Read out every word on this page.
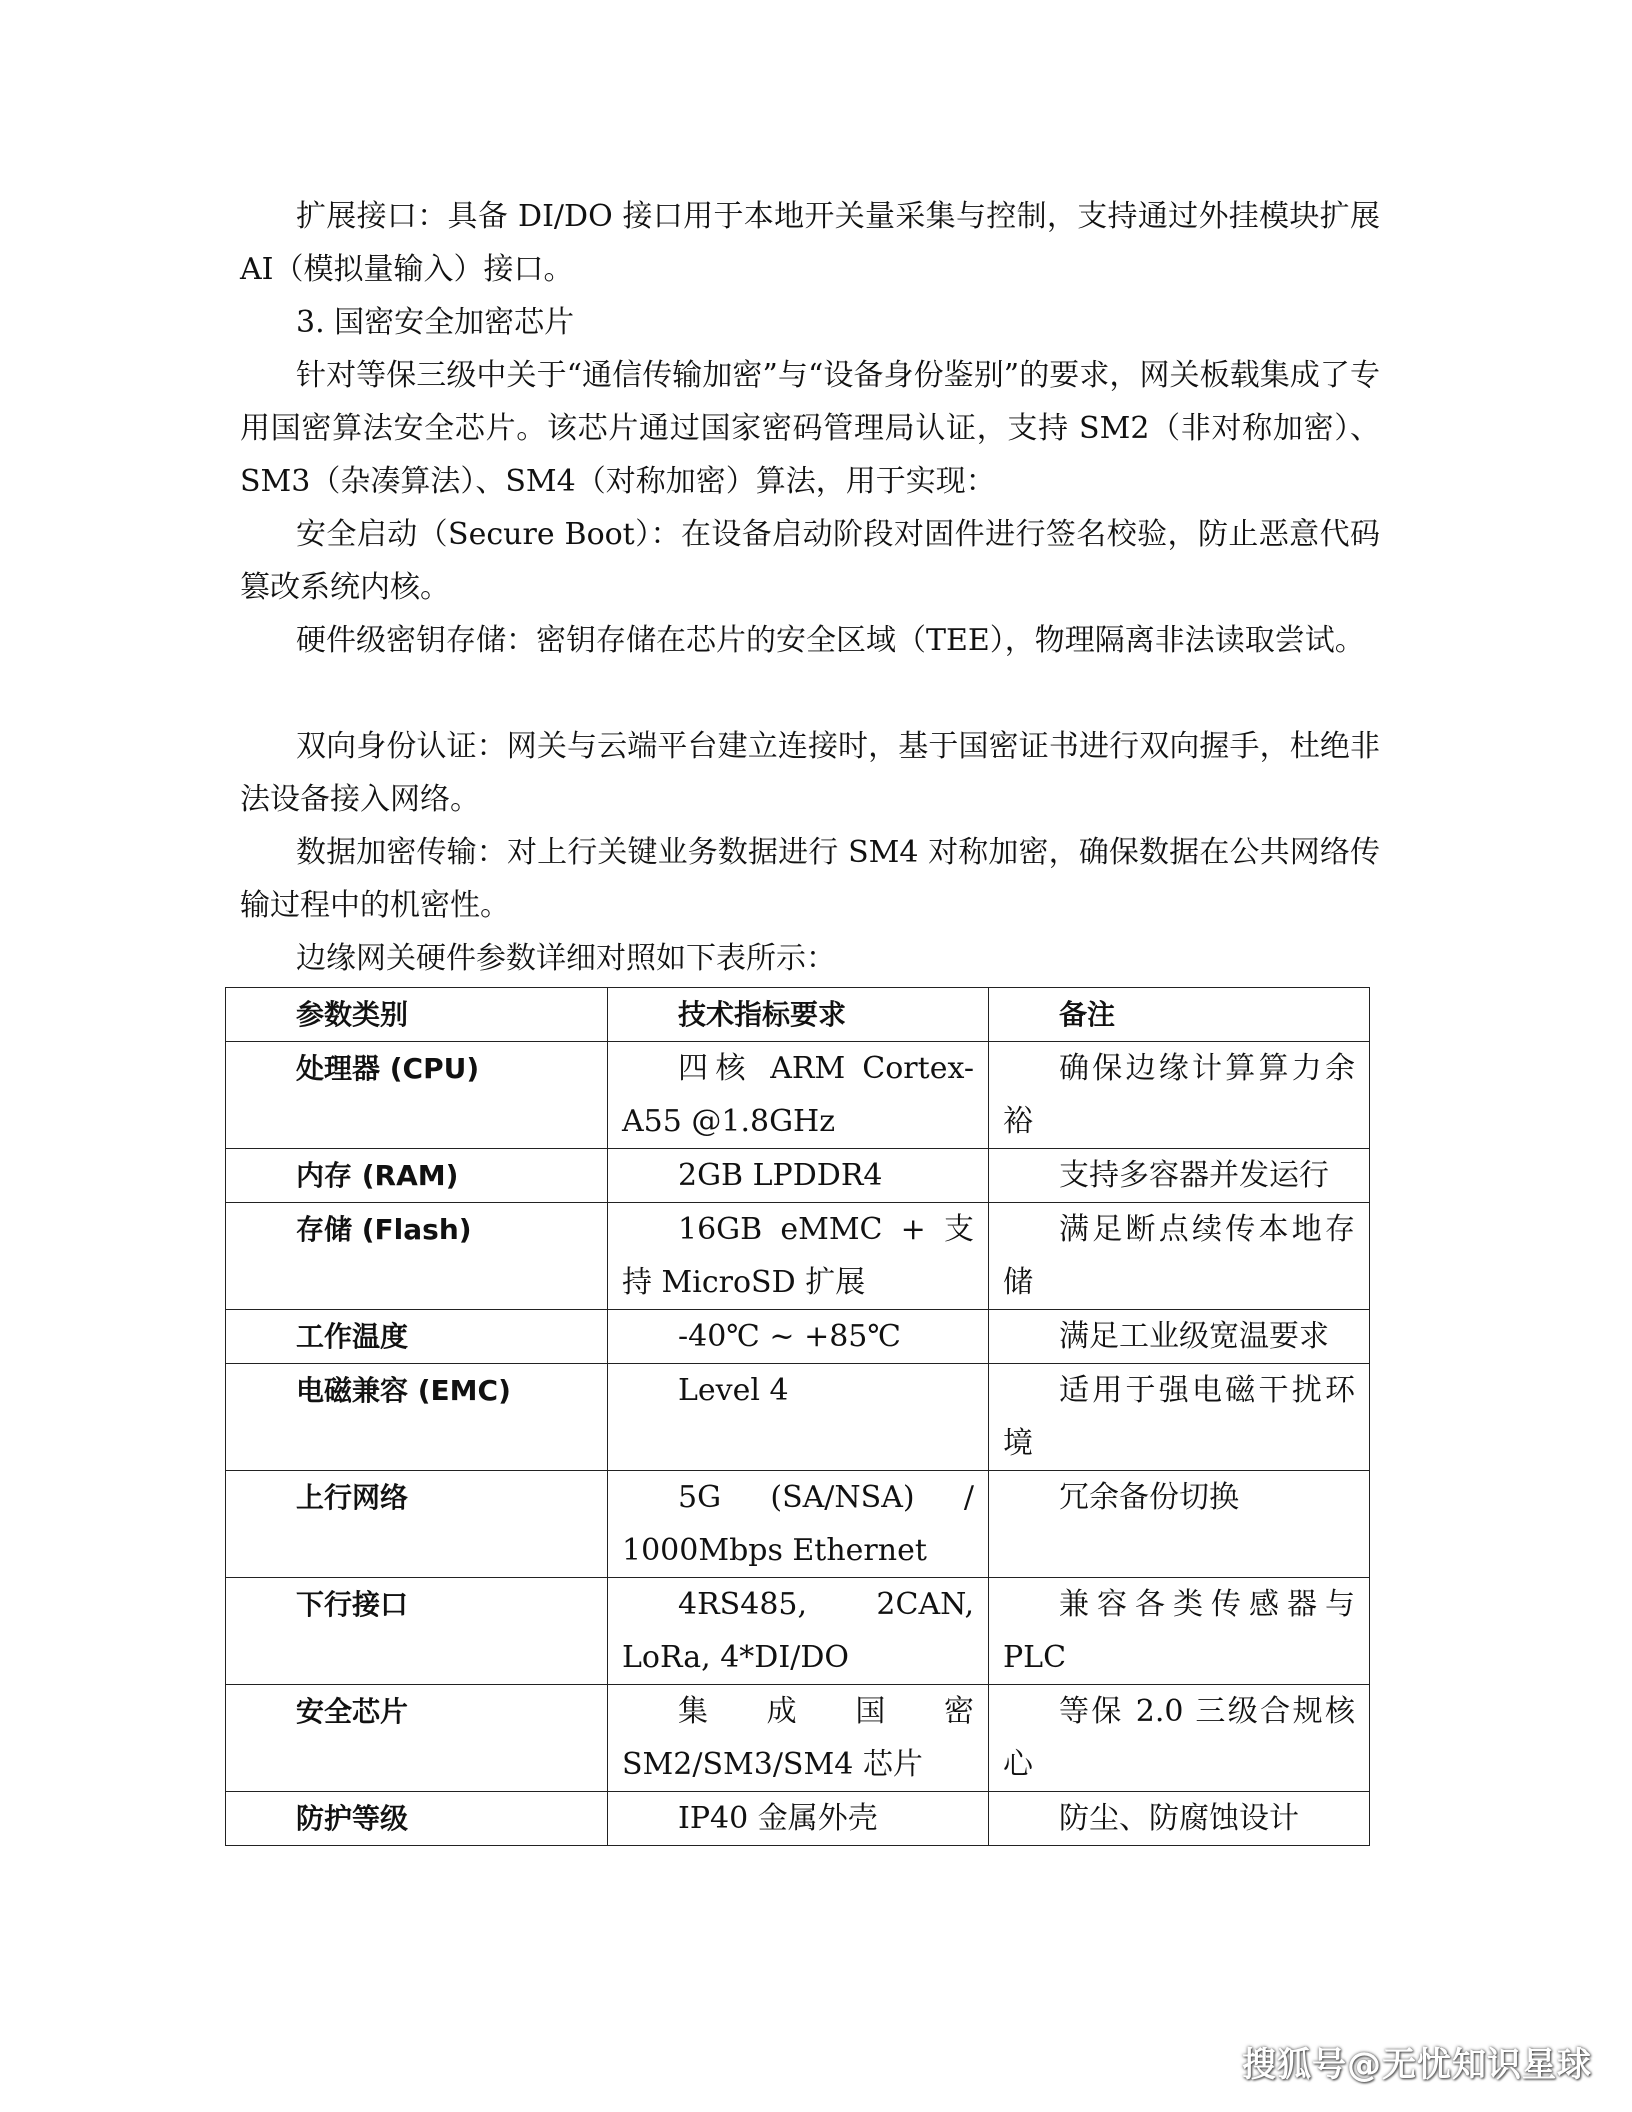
扩展接口：具备 DI/DO 接口用于本地开关量采集与控制，支持通过外挂模块扩展 AI（模拟量输入）接口。

3. 国密安全加密芯片

针对等保三级中关于“通信传输加密”与“设备身份鉴别”的要求，网关板载集成了专用国密算法安全芯片。该芯片通过国家密码管理局认证，支持 SM2（非对称加密）、SM3（杂凑算法）、SM4（对称加密）算法，用于实现：

安全启动（Secure Boot）：在设备启动阶段对固件进行签名校验，防止恶意代码篡改系统内核。

硬件级密钥存储：密钥存储在芯片的安全区域（TEE），物理隔离非法读取尝试。

双向身份认证：网关与云端平台建立连接时，基于国密证书进行双向握手，杜绝非法设备接入网络。

数据加密传输：对上行关键业务数据进行 SM4 对称加密，确保数据在公共网络传输过程中的机密性。

边缘网关硬件参数详细对照如下表所示：

参数类别	技术指标要求	备注
处理器 (CPU)	四核 ARM Cortex-A55 @1.8GHz	确保边缘计算算力余裕
内存 (RAM)	2GB LPDDR4	支持多容器并发运行
存储 (Flash)	16GB eMMC + 支持 MicroSD 扩展	满足断点续传本地存储
工作温度	-40℃ ~ +85℃	满足工业级宽温要求
电磁兼容 (EMC)	Level 4	适用于强电磁干扰环境
上行网络	5G (SA/NSA) / 1000Mbps Ethernet	冗余备份切换
下行接口	4RS485, 2CAN, LoRa, 4*DI/DO	兼容各类传感器与 PLC
安全芯片	集成国密 SM2/SM3/SM4 芯片	等保 2.0 三级合规核心
防护等级	IP40 金属外壳	防尘、防腐蚀设计
搜狐号@无忧知识星球
